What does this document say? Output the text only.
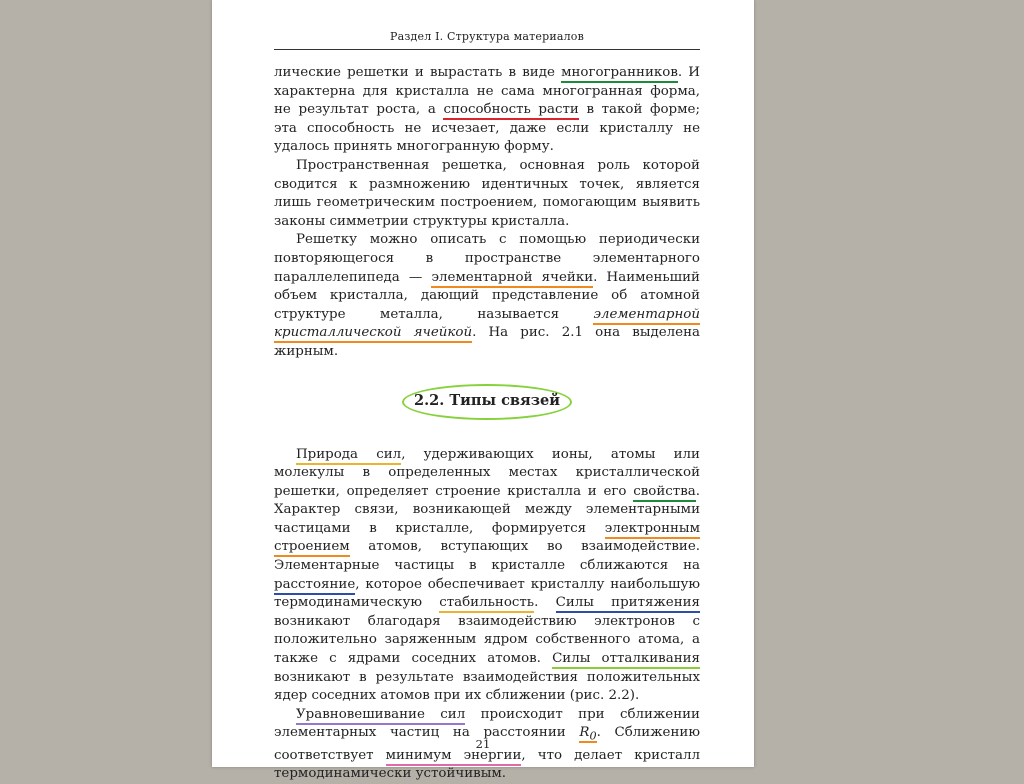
Раздел I. Структура материалов

лические решетки и вырастать в виде многогранников. И характерна для кристалла не сама многогранная форма, не результат роста, а способность расти в такой форме; эта способность не исчезает, даже если кристаллу не удалось принять многогранную форму.

Пространственная решетка, основная роль которой сводится к размножению идентичных точек, является лишь геометрическим построением, помогающим выявить законы симметрии структуры кристалла.

Решетку можно описать с помощью периодически повторяющегося в пространстве элементарного параллелепипеда — элементарной ячейки. Наименьший объем кристалла, дающий представление об атомной структуре металла, называется элементарной кристаллической ячейкой. На рис. 2.1 она выделена жирным.

2.2. Типы связей

Природа сил, удерживающих ионы, атомы или молекулы в определенных местах кристаллической решетки, определяет строение кристалла и его свойства. Характер связи, возникающей между элементарными частицами в кристалле, формируется электронным строением атомов, вступающих во взаимодействие. Элементарные частицы в кристалле сближаются на расстояние, которое обеспечивает кристаллу наибольшую термодинамическую стабильность. Силы притяжения возникают благодаря взаимодействию электронов с положительно заряженным ядром собственного атома, а также с ядрами соседних атомов. Силы отталкивания возникают в результате взаимодействия положительных ядер соседних атомов при их сближении (рис. 2.2).

Уравновешивание сил происходит при сближении элементарных частиц на расстоянии $R_0$. Сближению соответствует минимум энергии, что делает кристалл термодинамически устойчивым.

21
